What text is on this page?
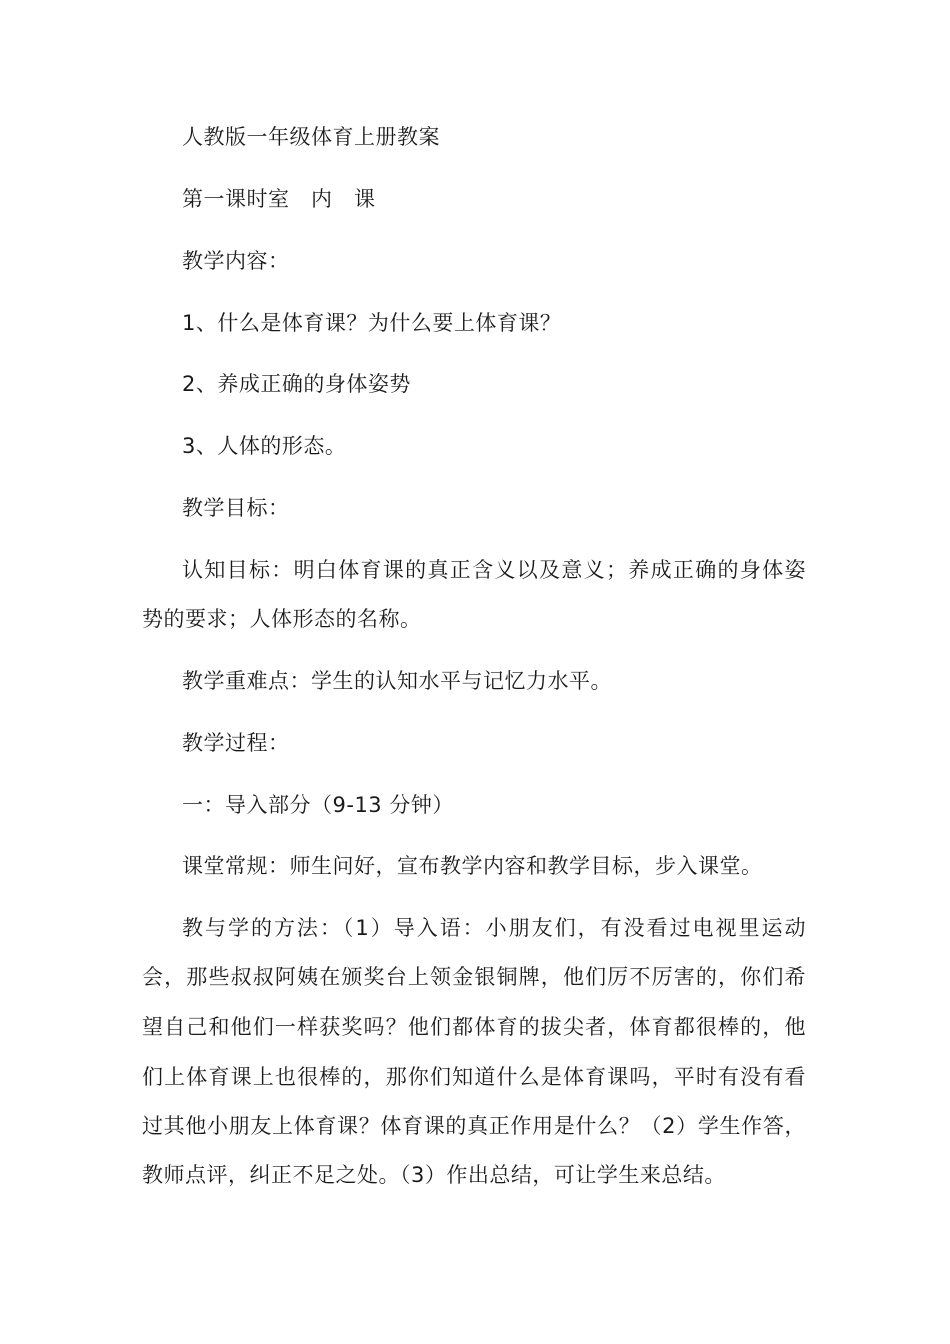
人教版一年级体育上册教案

第一课时室　内　课

教学内容：

1、什么是体育课？为什么要上体育课？

2、养成正确的身体姿势

3、人体的形态。

教学目标：

认知目标：明白体育课的真正含义以及意义；养成正确的身体姿

势的要求；人体形态的名称。

教学重难点：学生的认知水平与记忆力水平。

教学过程：

一：导入部分（9-13 分钟）

课堂常规：师生问好，宣布教学内容和教学目标，步入课堂。

教与学的方法：（1）导入语：小朋友们，有没看过电视里运动

会，那些叔叔阿姨在颁奖台上领金银铜牌，他们厉不厉害的，你们希

望自己和他们一样获奖吗？他们都体育的拔尖者，体育都很棒的，他

们上体育课上也很棒的，那你们知道什么是体育课吗，平时有没有看

过其他小朋友上体育课？体育课的真正作用是什么？（2）学生作答，

教师点评，纠正不足之处。（3）作出总结，可让学生来总结。
